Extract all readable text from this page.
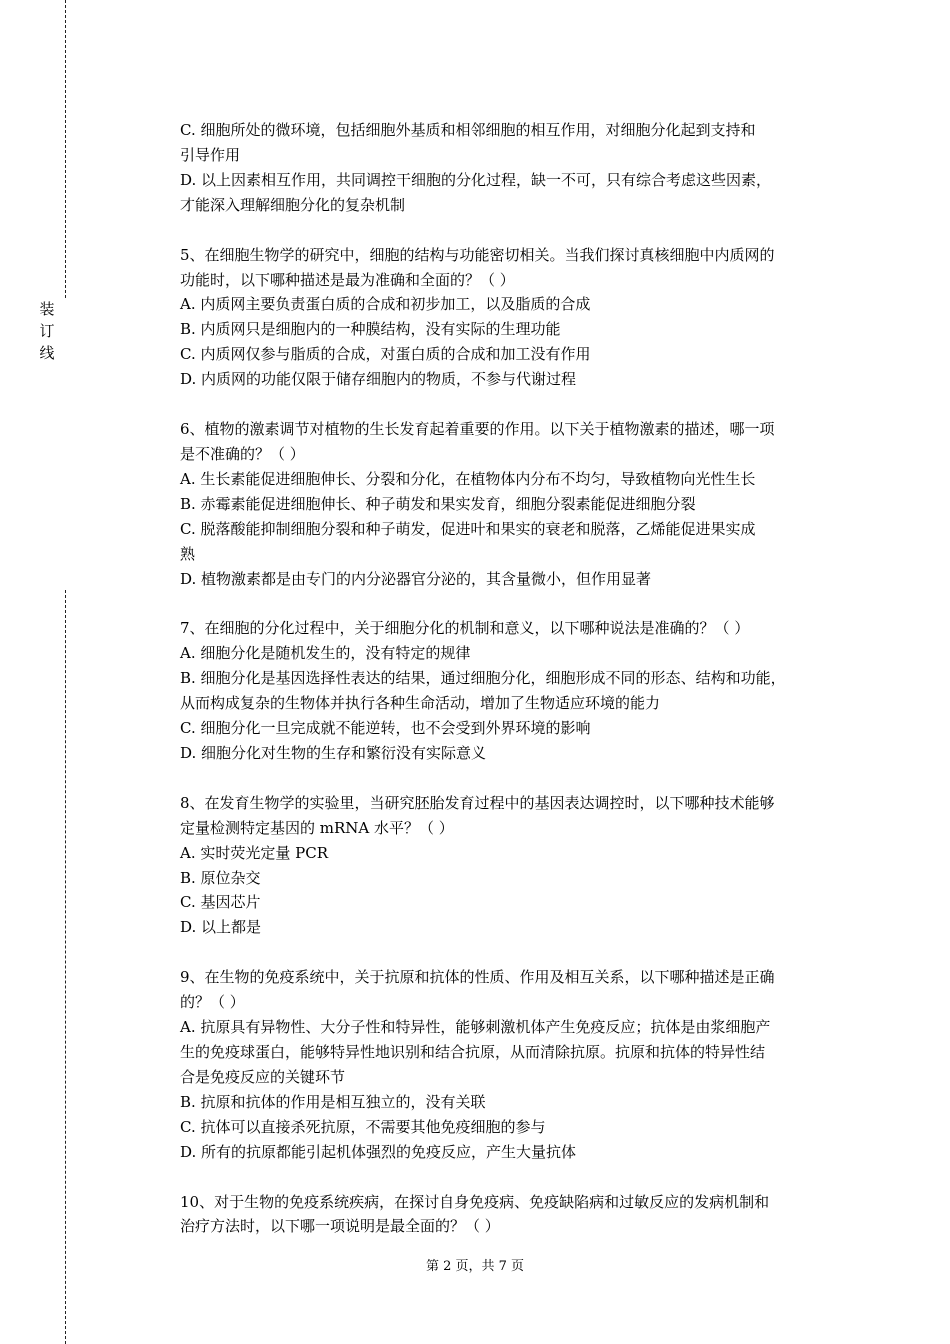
装订线
C. 细胞所处的微环境，包括细胞外基质和相邻细胞的相互作用，对细胞分化起到支持和
引导作用
D. 以上因素相互作用，共同调控干细胞的分化过程，缺一不可，只有综合考虑这些因素，
才能深入理解细胞分化的复杂机制
5、在细胞生物学的研究中，细胞的结构与功能密切相关。当我们探讨真核细胞中内质网的
功能时，以下哪种描述是最为准确和全面的？（ ）
A. 内质网主要负责蛋白质的合成和初步加工，以及脂质的合成
B. 内质网只是细胞内的一种膜结构，没有实际的生理功能
C. 内质网仅参与脂质的合成，对蛋白质的合成和加工没有作用
D. 内质网的功能仅限于储存细胞内的物质，不参与代谢过程
6、植物的激素调节对植物的生长发育起着重要的作用。以下关于植物激素的描述，哪一项
是不准确的？（ ）
A. 生长素能促进细胞伸长、分裂和分化，在植物体内分布不均匀，导致植物向光性生长
B. 赤霉素能促进细胞伸长、种子萌发和果实发育，细胞分裂素能促进细胞分裂
C. 脱落酸能抑制细胞分裂和种子萌发，促进叶和果实的衰老和脱落，乙烯能促进果实成
熟
D. 植物激素都是由专门的内分泌器官分泌的，其含量微小，但作用显著
7、在细胞的分化过程中，关于细胞分化的机制和意义，以下哪种说法是准确的？（ ）
A. 细胞分化是随机发生的，没有特定的规律
B. 细胞分化是基因选择性表达的结果，通过细胞分化，细胞形成不同的形态、结构和功能，
从而构成复杂的生物体并执行各种生命活动，增加了生物适应环境的能力
C. 细胞分化一旦完成就不能逆转，也不会受到外界环境的影响
D. 细胞分化对生物的生存和繁衍没有实际意义
8、在发育生物学的实验里，当研究胚胎发育过程中的基因表达调控时，以下哪种技术能够
定量检测特定基因的 mRNA 水平？（ ）
A. 实时荧光定量 PCR
B. 原位杂交
C. 基因芯片
D. 以上都是
9、在生物的免疫系统中，关于抗原和抗体的性质、作用及相互关系，以下哪种描述是正确
的？（ ）
A. 抗原具有异物性、大分子性和特异性，能够刺激机体产生免疫反应；抗体是由浆细胞产
生的免疫球蛋白，能够特异性地识别和结合抗原，从而清除抗原。抗原和抗体的特异性结
合是免疫反应的关键环节
B. 抗原和抗体的作用是相互独立的，没有关联
C. 抗体可以直接杀死抗原，不需要其他免疫细胞的参与
D. 所有的抗原都能引起机体强烈的免疫反应，产生大量抗体
10、对于生物的免疫系统疾病，在探讨自身免疫病、免疫缺陷病和过敏反应的发病机制和
治疗方法时，以下哪一项说明是最全面的？（ ）
第 2 页，共 7 页
